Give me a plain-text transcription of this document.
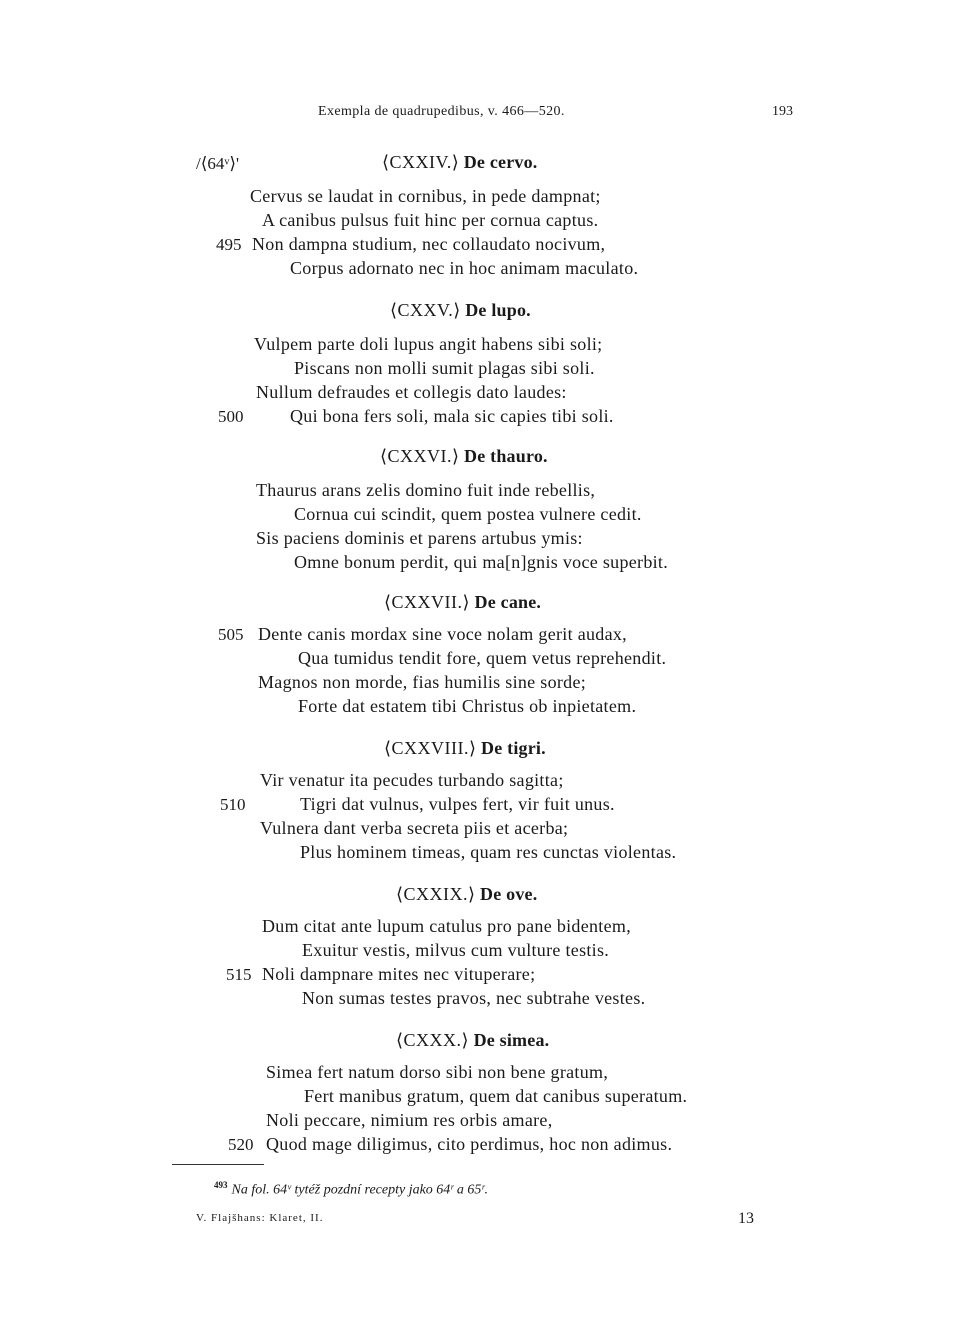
Exempla de quadrupedibus, v. 466—520.	193
/⟨64ᵛ⟩'	⟨CXXIV.⟩ De cervo.
Cervus se laudat in cornibus, in pede dampnat;
A canibus pulsus fuit hinc per cornua captus.
495 Non dampna studium, nec collaudato nocivum,
Corpus adornato nec in hoc animam maculato.
⟨CXXV.⟩ De lupo.
Vulpem parte doli lupus angit habens sibi soli;
Piscans non molli sumit plagas sibi soli.
Nullum defraudes et collegis dato laudes:
500	Qui bona fers soli, mala sic capies tibi soli.
⟨CXXVI.⟩ De thauro.
Thaurus arans zelis domino fuit inde rebellis,
Cornua cui scindit, quem postea vulnere cedit.
Sis paciens dominis et parens artubus ymis:
Omne bonum perdit, qui ma[n]gnis voce superbit.
⟨CXXVII.⟩ De cane.
505 Dente canis mordax sine voce nolam gerit audax,
Qua tumidus tendit fore, quem vetus reprehendit.
Magnos non morde, fias humilis sine sorde;
Forte dat estatem tibi Christus ob inpietatem.
⟨CXXVIII.⟩ De tigri.
Vir venatur ita pecudes turbando sagitta;
510	Tigri dat vulnus, vulpes fert, vir fuit unus.
Vulnera dant verba secreta piis et acerba;
Plus hominem timeas, quam res cunctas violentas.
⟨CXXIX.⟩ De ove.
Dum citat ante lupum catulus pro pane bidentem,
Exuitur vestis, milvus cum vulture testis.
515 Noli dampnare mites nec vituperare;
Non sumas testes pravos, nec subtrahe vestes.
⟨CXXX.⟩ De simea.
Simea fert natum dorso sibi non bene gratum,
Fert manibus gratum, quem dat canibus superatum.
Noli peccare, nimium res orbis amare,
520 Quod mage diligimus, cito perdimus, hoc non adimus.
$^{493}$ Na fol. 64ᵛ tytéž pozdní recepty jako 64ʳ a 65ʳ.
V. Flajšhans: Klaret, II.	13
